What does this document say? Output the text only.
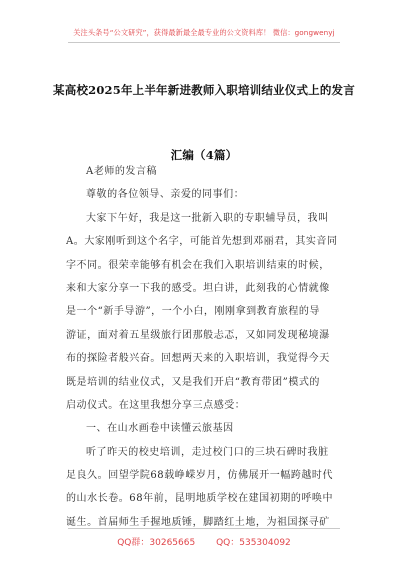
关注头条号“公文研究”，获得最新最全最专业的公文资料库！ 微信：gongwenyj
某高校2025年上半年新进教师入职培训结业仪式上的发言
汇编（4篇）
A老师的发言稿
尊敬的各位领导、亲爱的同事们：
大家下午好，我是这一批新入职的专职辅导员，我叫
A。大家刚听到这个名字，可能首先想到邓丽君，其实音同
字不同。很荣幸能够有机会在我们入职培训结束的时候，
来和大家分享一下我的感受。坦白讲，此刻我的心情就像
是一个“新手导游”，一个小白，刚刚拿到教育旅程的导
游证，面对着五星级旅行团那般忐忑，又如同发现秘境瀑
布的探险者般兴奋。回想两天来的入职培训，我觉得今天
既是培训的结业仪式，又是我们开启“教育带团”模式的
启动仪式。在这里我想分享三点感受：
一、在山水画卷中读懂云旅基因
听了昨天的校史培训，走过校门口的三块石碑时我脏
足良久。回望学院68载峥嵘岁月，仿佛展开一幅跨越时代
的山水长卷。68年前，昆明地质学校在建国初期的呼唤中
诞生。首届师生手握地质锤，脚踏红土地，为祖国探寻矿
QQ群：30265665 QQ：535304092
